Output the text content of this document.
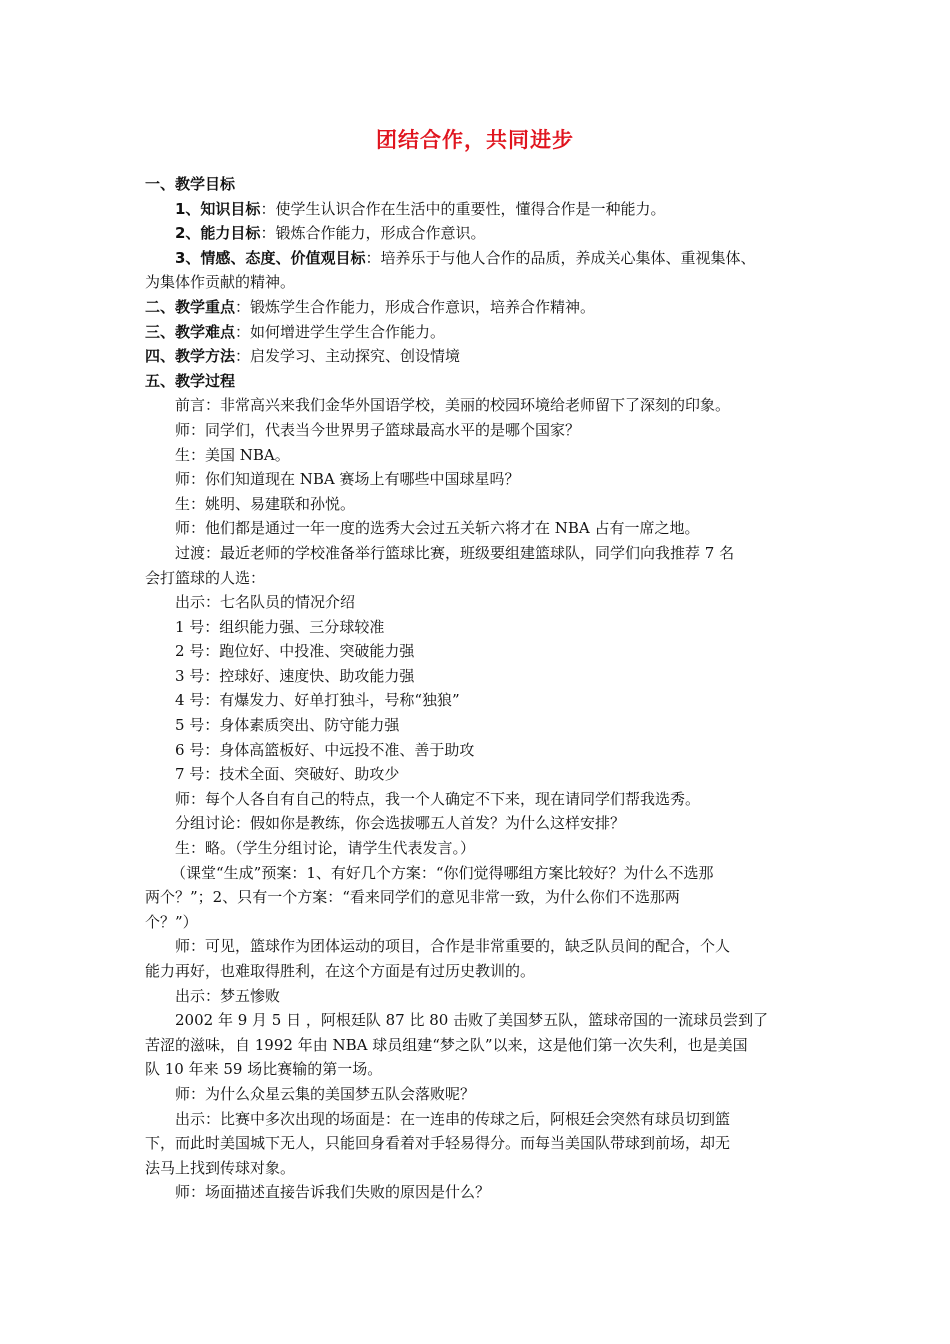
团结合作，共同进步
一、教学目标
1、知识目标：使学生认识合作在生活中的重要性，懂得合作是一种能力。
2、能力目标：锻炼合作能力，形成合作意识。
3、情感、态度、价值观目标：培养乐于与他人合作的品质，养成关心集体、重视集体、
为集体作贡献的精神。
二、教学重点：锻炼学生合作能力，形成合作意识，培养合作精神。
三、教学难点：如何增进学生学生合作能力。
四、教学方法：启发学习、主动探究、创设情境
五、教学过程
前言：非常高兴来我们金华外国语学校，美丽的校园环境给老师留下了深刻的印象。
师：同学们，代表当今世界男子篮球最高水平的是哪个国家？
生：美国 NBA。
师：你们知道现在 NBA 赛场上有哪些中国球星吗？
生：姚明、易建联和孙悦。
师：他们都是通过一年一度的选秀大会过五关斩六将才在 NBA 占有一席之地。
过渡：最近老师的学校准备举行篮球比赛，班级要组建篮球队，同学们向我推荐 7 名
会打篮球的人选：
出示：七名队员的情况介绍
1 号：组织能力强、三分球较准
2 号：跑位好、中投准、突破能力强
3 号：控球好、速度快、助攻能力强
4 号：有爆发力、好单打独斗，号称“独狼”
5 号：身体素质突出、防守能力强
6 号：身体高篮板好、中远投不准、善于助攻
7 号：技术全面、突破好、助攻少
师：每个人各自有自己的特点，我一个人确定不下来，现在请同学们帮我选秀。
分组讨论：假如你是教练，你会选拔哪五人首发？为什么这样安排？
生：略。（学生分组讨论，请学生代表发言。）
（课堂“生成”预案：1、有好几个方案：“你们觉得哪组方案比较好？为什么不选那
两个？”；2、只有一个方案：“看来同学们的意见非常一致，为什么你们不选那两
个？”）
师：可见，篮球作为团体运动的项目，合作是非常重要的，缺乏队员间的配合，个人
能力再好，也难取得胜利，在这个方面是有过历史教训的。
出示：梦五惨败
2002 年 9 月 5 日 ，阿根廷队 87 比 80 击败了美国梦五队，篮球帝国的一流球员尝到了
苦涩的滋味，自 1992 年由 NBA 球员组建“梦之队”以来，这是他们第一次失利，也是美国
队 10 年来 59 场比赛输的第一场。
师：为什么众星云集的美国梦五队会落败呢？
出示：比赛中多次出现的场面是：在一连串的传球之后，阿根廷会突然有球员切到篮
下，而此时美国城下无人，只能回身看着对手轻易得分。而每当美国队带球到前场，却无
法马上找到传球对象。
师：场面描述直接告诉我们失败的原因是什么？
